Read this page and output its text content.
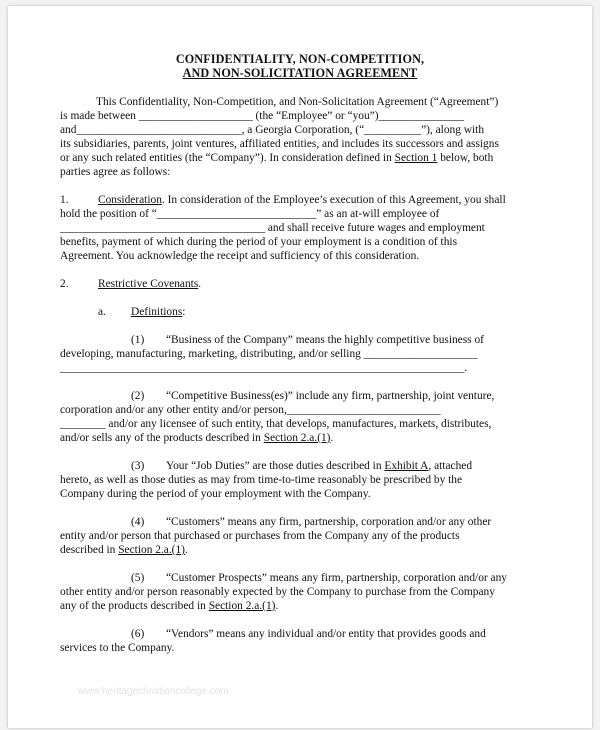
CONFIDENTIALITY, NON-COMPETITION,
AND NON-SOLICITATION AGREEMENT
This Confidentiality, Non-Competition, and Non-Solicitation Agreement (“Agreement”)
is made between ____________________ (the “Employee” or “you”)_______________
and_____________________________, a Georgia Corporation, (“__________”), along with
its subsidiaries, parents, joint ventures, affiliated entities, and includes its successors and assigns
or any such related entities (the “Company”). In consideration defined in Section 1 below, both
parties agree as follows:
1.	Consideration. In consideration of the Employee’s execution of this Agreement, you shall
hold the position of “____________________________” as an at-will employee of
____________________________________ and shall receive future wages and employment
benefits, payment of which during the period of your employment is a condition of this
Agreement. You acknowledge the receipt and sufficiency of this consideration.
2.	Restrictive Covenants.
a. Definitions:
(1) “Business of the Company” means the highly competitive business of
developing, manufacturing, marketing, distributing, and/or selling ____________________
_______________________________________________________________________.
(2) “Competitive Business(es)” include any firm, partnership, joint venture,
corporation and/or any other entity and/or person,___________________________
________ and/or any licensee of such entity, that develops, manufactures, markets, distributes,
and/or sells any of the products described in Section 2.a.(1).
(3) Your “Job Duties” are those duties described in Exhibit A, attached
hereto, as well as those duties as may from time-to-time reasonably be prescribed by the
Company during the period of your employment with the Company.
(4) “Customers” means any firm, partnership, corporation and/or any other
entity and/or person that purchased or purchases from the Company any of the products
described in Section 2.a.(1).
(5) “Customer Prospects” means any firm, partnership, corporation and/or any
other entity and/or person reasonably expected by the Company to purchase from the Company
any of the products described in Section 2.a.(1).
(6) “Vendors” means any individual and/or entity that provides goods and
services to the Company.
www.heritagechristiancollege.com
